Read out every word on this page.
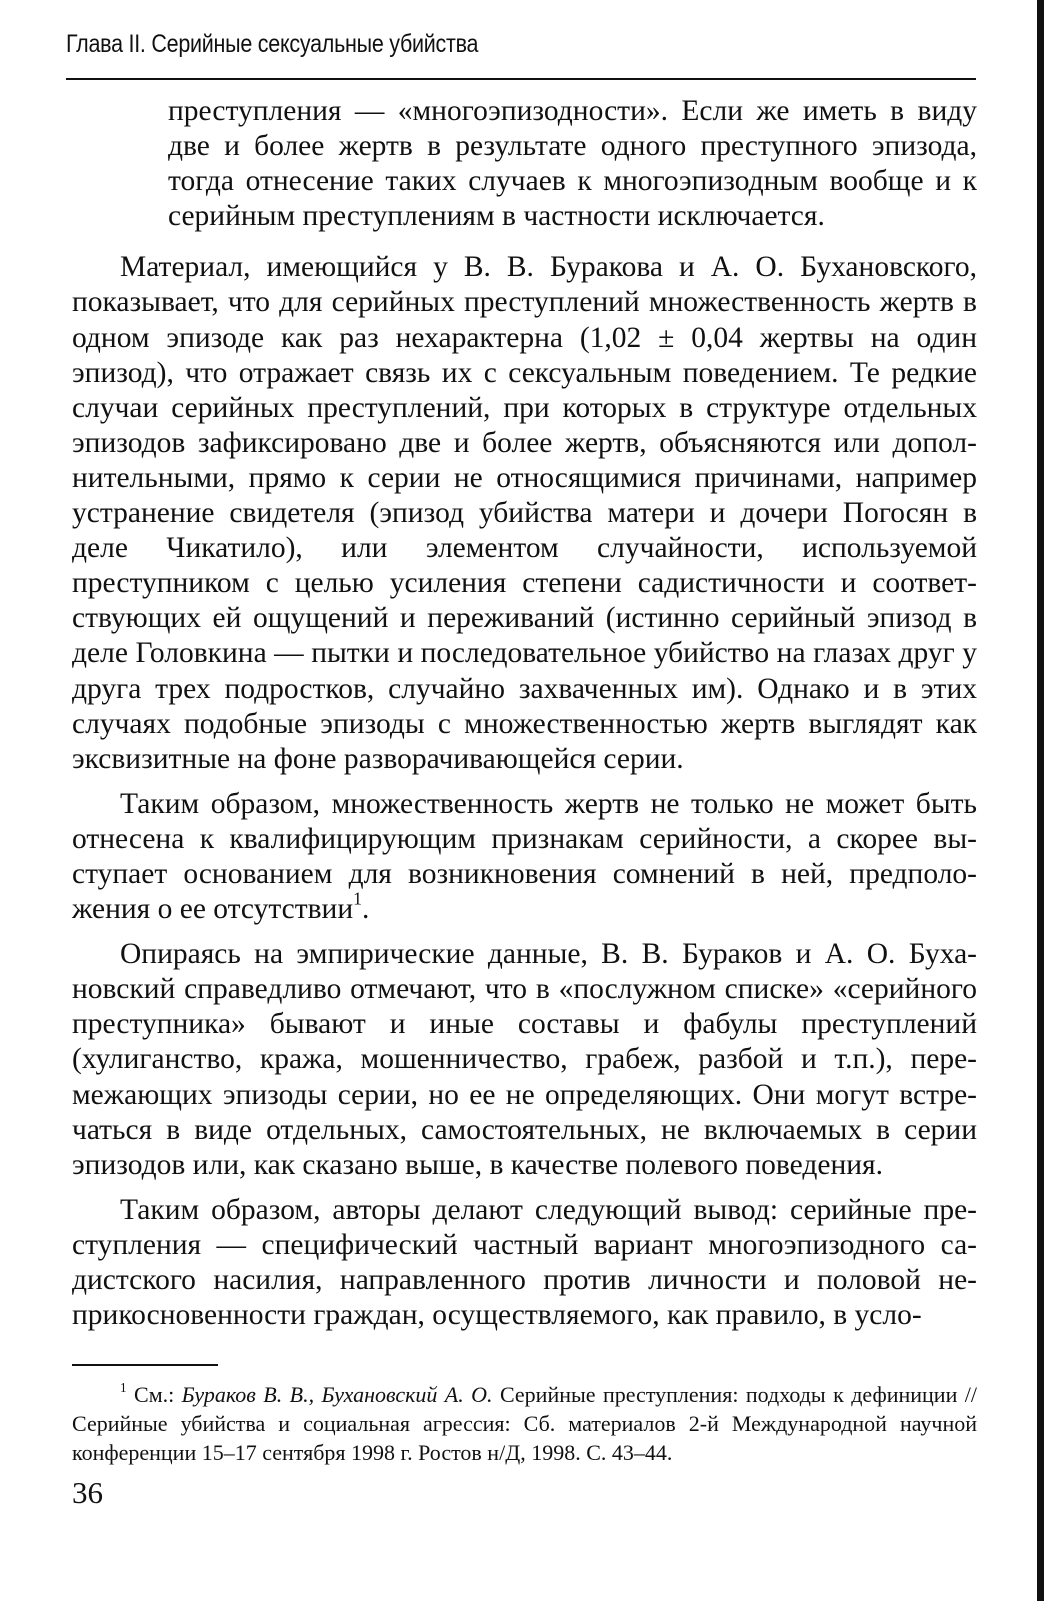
Глава II. Серийные сексуальные убийства

преступления — «многоэпизодности». Если же иметь в виду две и более жертв в результате одного преступного эпизода, тогда отнесение таких случаев к многоэпизодным вообще и к серийным преступлениям в частности исключается.

Материал, имеющийся у В. В. Буракова и А. О. Бухановского, показывает, что для серийных преступлений множественность жертв в одном эпизоде как раз нехарактерна (1,02 ± 0,04 жертвы на один эпизод), что отражает связь их с сексуальным поведением. Те редкие случаи серийных преступлений, при которых в структуре отдельных эпизодов зафиксировано две и более жертв, объясняются или дополнительными, прямо к серии не относящимися причинами, например устранение свидетеля (эпизод убийства матери и дочери Погосян в деле Чикатило), или элементом случайности, используемой преступником с целью усиления степени садистичности и соответствующих ей ощущений и переживаний (истинно серийный эпизод в деле Головкина — пытки и последовательное убийство на глазах друг у друга трех подростков, случайно захваченных им). Однако и в этих случаях подобные эпизоды с множественностью жертв выглядят как эксвизитные на фоне разворачивающейся серии.

Таким образом, множественность жертв не только не может быть отнесена к квалифицирующим признакам серийности, а скорее выступает основанием для возникновения сомнений в ней, предположения о ее отсутствии$^1$.

Опираясь на эмпирические данные, В. В. Бураков и А. О. Бухановский справедливо отмечают, что в «послужном списке» «серийного преступника» бывают и иные составы и фабулы преступлений (хулиганство, кража, мошенничество, грабеж, разбой и т.п.), перемежающих эпизоды серии, но ее не определяющих. Они могут встречаться в виде отдельных, самостоятельных, не включаемых в серии эпизодов или, как сказано выше, в качестве полевого поведения.

Таким образом, авторы делают следующий вывод: серийные преступления — специфический частный вариант многоэпизодного садистского насилия, направленного против личности и половой неприкосновенности граждан, осуществляемого, как правило, в усло-

$^1$ См.: Бураков В. В., Бухановский А. О. Серийные преступления: подходы к дефиниции // Серийные убийства и социальная агрессия: Сб. материалов 2-й Международной научной конференции 15–17 сентября 1998 г. Ростов н/Д, 1998. С. 43–44.
36
